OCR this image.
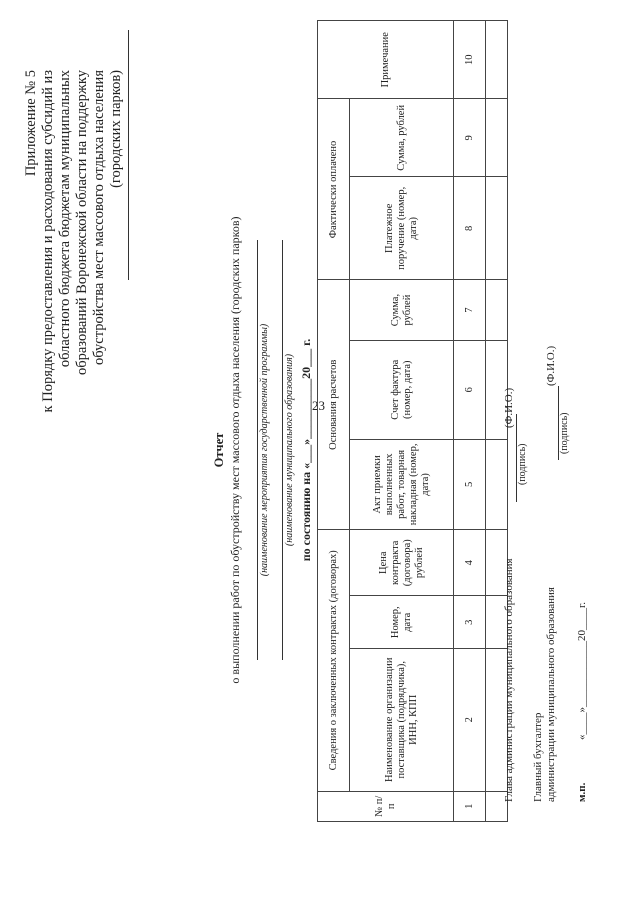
23
Приложение № 5 к Порядку предоставления и расходования субсидий из областного бюджета бюджетам муниципальных образований Воронежской области на поддержку обустройства мест массового отдыха населения (городских парков)
Отчет о выполнении работ по обустройству мест массового отдыха населения (городских парков) (наименование мероприятия государственной программы) (наименование муниципального образования) по состоянию на «___»__________20___ г.
№ п/п	Сведения о заключенных контрактах (договорах)			Основания расчетов			Фактически оплачено		Примечание
	Наименование организации поставщика (подрядчика), ИНН, КПП	Номер, дата	Цена контракта (договора) рублей	Акт приемки выполненных работ, товарная накладная (номер, дата)	Счет фактура (номер, дата)	Сумма, рублей	Платежное поручение (номер, дата)	Сумма, рублей	
1	2	3	4	5	6	7	8	9	10

Глава администрации муниципального образования
(подпись)
(Ф.И.О.)
Главный бухгалтер администрации муниципального образования
(подпись)
(Ф.И.О.)
м.п.
«____»____________20____г.
